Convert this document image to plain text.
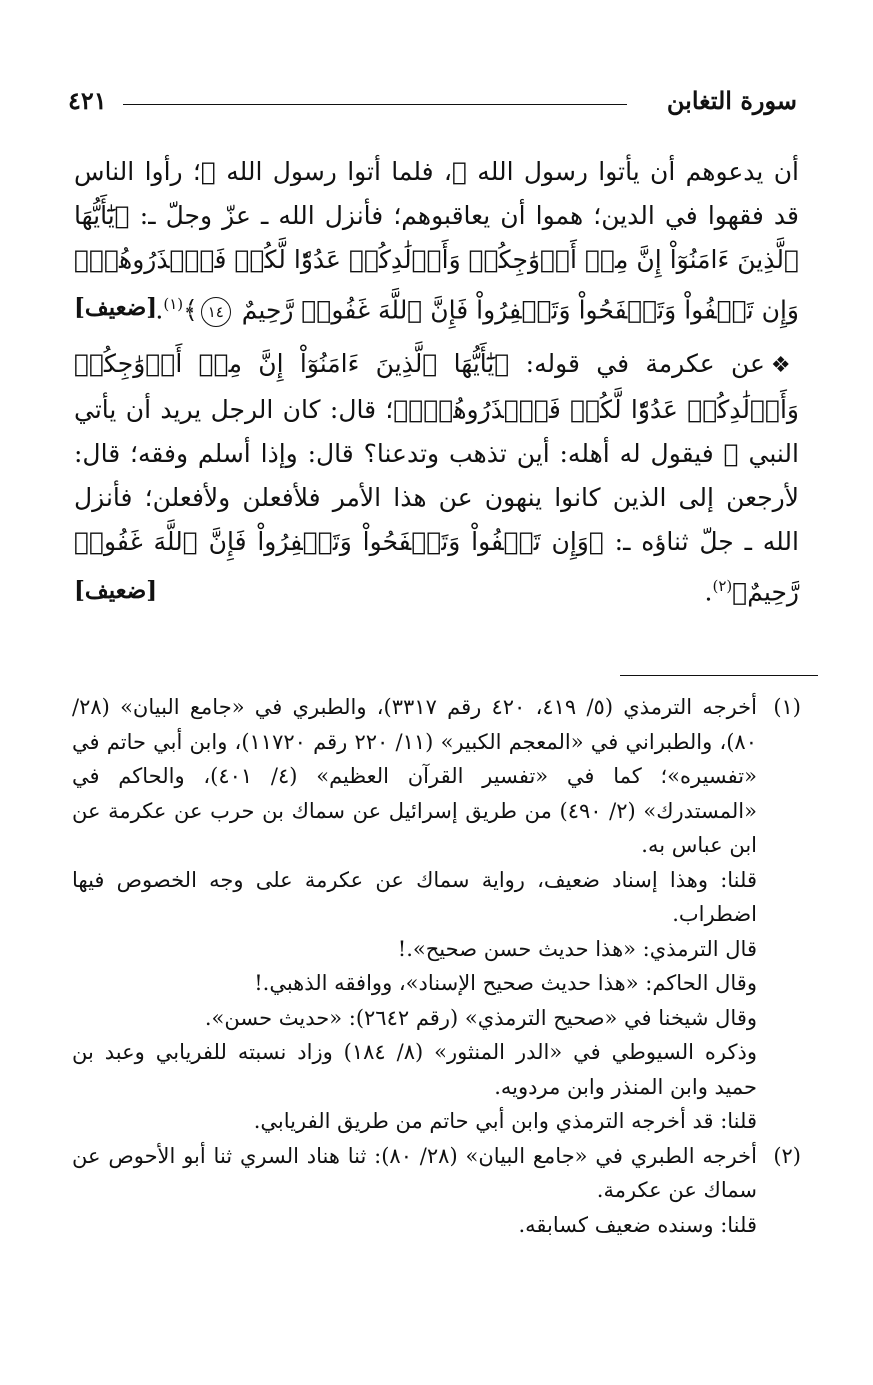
سورة التغابن
٤٢١

أن يدعوهم أن يأتوا رسول الله ﷺ، فلما أتوا رسول الله ﷺ؛ رأوا الناس قد فقهوا في الدين؛ هموا أن يعاقبوهم؛ فأنزل الله ـ عزّ وجلّ ـ: ﴿يَٰٓأَيُّهَا ٱلَّذِينَ ءَامَنُوٓاْ إِنَّ مِنۡ أَزۡوَٰجِكُمۡ وَأَوۡلَٰدِكُمۡ عَدُوّٗا لَّكُمۡ فَٱحۡذَرُوهُمۡۚ وَإِن تَعۡفُواْ وَتَصۡفَحُواْ وَتَغۡفِرُواْ فَإِنَّ ٱللَّهَ غَفُورٞ رَّحِيمٌ ١٤﴾$^{(١)}$.
[ضعيف]

❖عن عكرمة في قوله: ﴿يَٰٓأَيُّهَا ٱلَّذِينَ ءَامَنُوٓاْ إِنَّ مِنۡ أَزۡوَٰجِكُمۡ وَأَوۡلَٰدِكُمۡ عَدُوّٗا لَّكُمۡ فَٱحۡذَرُوهُمۡۚ﴾؛ قال: كان الرجل يريد أن يأتي النبي ﷺ فيقول له أهله: أين تذهب وتدعنا؟ قال: وإذا أسلم وفقه؛ قال: لأرجعن إلى الذين كانوا ينهون عن هذا الأمر فلأفعلن ولأفعلن؛ فأنزل الله ـ جلّ ثناؤه ـ: ﴿وَإِن تَعۡفُواْ وَتَصۡفَحُواْ وَتَغۡفِرُواْ فَإِنَّ ٱللَّهَ غَفُورٞ رَّحِيمٌ﴾$^{(٢)}$.
[ضعيف]

(١)

أخرجه الترمذي (٥/ ٤١٩، ٤٢٠ رقم ٣٣١٧)، والطبري في «جامع البيان» (٢٨/ ٨٠)، والطبراني في «المعجم الكبير» (١١/ ٢٢٠ رقم ١١٧٢٠)، وابن أبي حاتم في «تفسيره»؛ كما في «تفسير القرآن العظيم» (٤/ ٤٠١)، والحاكم في «المستدرك» (٢/ ٤٩٠) من طريق إسرائيل عن سماك بن حرب عن عكرمة عن ابن عباس به.

قلنا: وهذا إسناد ضعيف، رواية سماك عن عكرمة على وجه الخصوص فيها اضطراب.

قال الترمذي: «هذا حديث حسن صحيح».!

وقال الحاكم: «هذا حديث صحيح الإسناد»، ووافقه الذهبي.!

وقال شيخنا في «صحيح الترمذي» (رقم ٢٦٤٢): «حديث حسن».

وذكره السيوطي في «الدر المنثور» (٨/ ١٨٤) وزاد نسبته للفريابي وعبد بن حميد وابن المنذر وابن مردويه.

قلنا: قد أخرجه الترمذي وابن أبي حاتم من طريق الفريابي.

(٢)

أخرجه الطبري في «جامع البيان» (٢٨/ ٨٠): ثنا هناد السري ثنا أبو الأحوص عن سماك عن عكرمة.

قلنا: وسنده ضعيف كسابقه.
